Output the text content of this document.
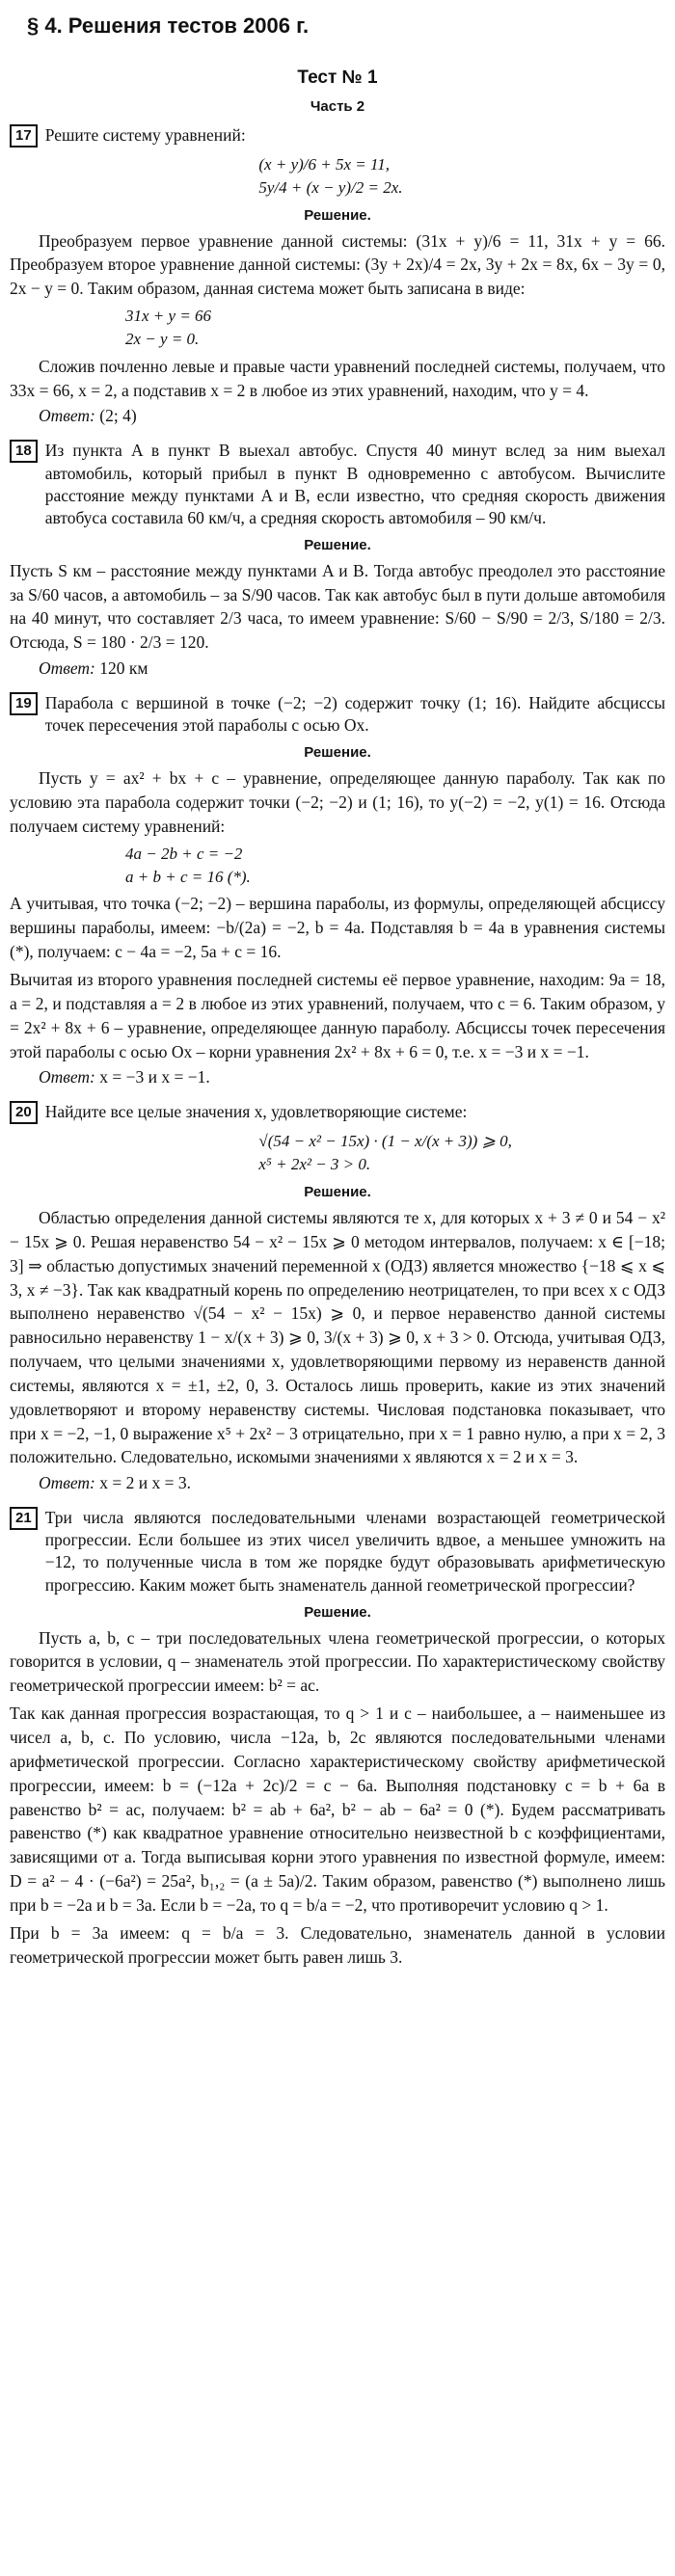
§ 4. Решения тестов 2006 г.
Тест № 1
Часть 2
17 Решите систему уравнений:
(x + y)/6 + 5x = 11,
5y/4 + (x − y)/2 = 2x.
Решение.

Преобразуем первое уравнение данной системы: (31x + y)/6 = 11, 31x + y = 66. Преобразуем второе уравнение данной системы: (3y + 2x)/4 = 2x, 3y + 2x = 8x, 6x − 3y = 0, 2x − y = 0. Таким образом, данная система может быть записана в виде:

31x + y = 66
2x − y = 0.

Сложив почленно левые и правые части уравнений последней системы, получаем, что 33x = 66, x = 2, а подставив x = 2 в любое из этих уравнений, находим, что y = 4.

Ответ: (2; 4)
18 Из пункта A в пункт B выехал автобус. Спустя 40 минут вслед за ним выехал автомобиль, который прибыл в пункт B одновременно с автобусом. Вычислите расстояние между пунктами A и B, если известно, что средняя скорость движения автобуса составила 60 км/ч, а средняя скорость автомобиля – 90 км/ч.
Решение.

Пусть S км – расстояние между пунктами A и B. Тогда автобус преодолел это расстояние за S/60 часов, а автомобиль – за S/90 часов. Так как автобус был в пути дольше автомобиля на 40 минут, что составляет 2/3 часа, то имеем уравнение: S/60 − S/90 = 2/3, S/180 = 2/3. Отсюда, S = 180 · 2/3 = 120.

Ответ: 120 км
19 Парабола с вершиной в точке (−2; −2) содержит точку (1; 16). Найдите абсциссы точек пересечения этой параболы с осью Ox.
Решение.

Пусть y = ax² + bx + c – уравнение, определяющее данную параболу. Так как по условию эта парабола содержит точки (−2; −2) и (1; 16), то y(−2) = −2, y(1) = 16. Отсюда получаем систему уравнений:

4a − 2b + c = −2
a + b + c = 16 (*).

А учитывая, что точка (−2; −2) – вершина параболы, из формулы, определяющей абсциссу вершины параболы, имеем: −b/(2a) = −2, b = 4a. Подставляя b = 4a в уравнения системы (*), получаем: c − 4a = −2, 5a + c = 16.

Вычитая из второго уравнения последней системы её первое уравнение, находим: 9a = 18, a = 2, и подставляя a = 2 в любое из этих уравнений, получаем, что c = 6. Таким образом, y = 2x² + 8x + 6 – уравнение, определяющее данную параболу. Абсциссы точек пересечения этой параболы с осью Ox – корни уравнения 2x² + 8x + 6 = 0, т.е. x = −3 и x = −1.

Ответ: x = −3 и x = −1.
20 Найдите все целые значения x, удовлетворяющие системе:
√(54 − x² − 15x) · (1 − x/(x + 3)) ⩾ 0,
x⁵ + 2x² − 3 > 0.
Решение.

Областью определения данной системы являются те x, для которых x + 3 ≠ 0 и 54 − x² − 15x ⩾ 0. Решая неравенство 54 − x² − 15x ⩾ 0 методом интервалов, получаем: x ∈ [−18; 3] ⇒ областью допустимых значений переменной x (ОДЗ) является множество {−18 ⩽ x ⩽ 3, x ≠ −3}. Так как квадратный корень по определению неотрицателен, то при всех x с ОДЗ выполнено неравенство √(54 − x² − 15x) ⩾ 0, и первое неравенство данной системы равносильно неравенству 1 − x/(x + 3) ⩾ 0, 3/(x + 3) ⩾ 0, x + 3 > 0. Отсюда, учитывая ОДЗ, получаем, что целыми значениями x, удовлетворяющими первому из неравенств данной системы, являются x = ±1, ±2, 0, 3. Осталось лишь проверить, какие из этих значений удовлетворяют и второму неравенству системы. Числовая подстановка показывает, что при x = −2, −1, 0 выражение x⁵ + 2x² − 3 отрицательно, при x = 1 равно нулю, а при x = 2, 3 положительно. Следовательно, искомыми значениями x являются x = 2 и x = 3.

Ответ: x = 2 и x = 3.
21 Три числа являются последовательными членами возрастающей геометрической прогрессии. Если большее из этих чисел увеличить вдвое, а меньшее умножить на −12, то полученные числа в том же порядке будут образовывать арифметическую прогрессию. Каким может быть знаменатель данной геометрической прогрессии?
Решение.

Пусть a, b, c – три последовательных члена геометрической прогрессии, о которых говорится в условии, q – знаменатель этой прогрессии. По характеристическому свойству геометрической прогрессии имеем: b² = ac.

Так как данная прогрессия возрастающая, то q > 1 и c – наибольшее, a – наименьшее из чисел a, b, c. По условию, числа −12a, b, 2c являются последовательными членами арифметической прогрессии. Согласно характеристическому свойству арифметической прогрессии, имеем: b = (−12a + 2c)/2 = c − 6a. Выполняя подстановку c = b + 6a в равенство b² = ac, получаем: b² = ab + 6a², b² − ab − 6a² = 0 (*). Будем рассматривать равенство (*) как квадратное уравнение относительно неизвестной b с коэффициентами, зависящими от a. Тогда выписывая корни этого уравнения по известной формуле, имеем: D = a² − 4 · (−6a²) = 25a², b₁,₂ = (a ± 5a)/2. Таким образом, равенство (*) выполнено лишь при b = −2a и b = 3a. Если b = −2a, то q = b/a = −2, что противоречит условию q > 1.

При b = 3a имеем: q = b/a = 3. Следовательно, знаменатель данной в условии геометрической прогрессии может быть равен лишь 3.
